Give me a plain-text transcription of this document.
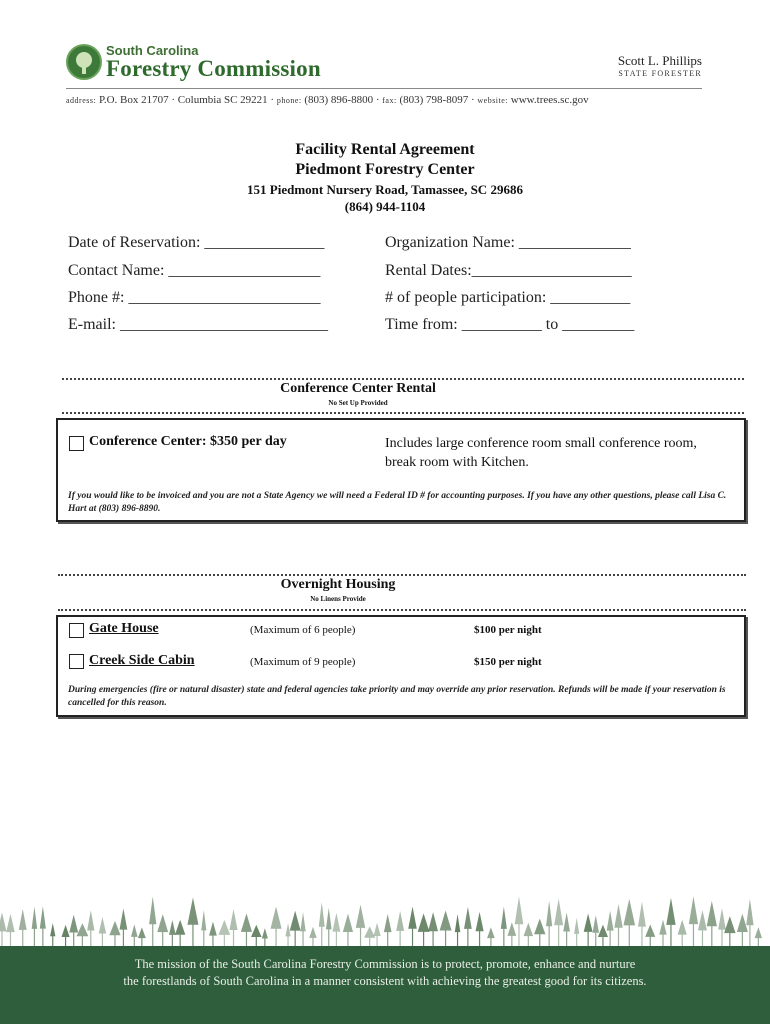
South Carolina
Forestry Commission	Scott L. Phillips
STATE FORESTER
address: P.O. Box 21707 · Columbia SC 29221 · phone: (803) 896-8800 · fax: (803) 798-8097 · website: www.trees.sc.gov
Facility Rental Agreement
Piedmont Forestry Center
151 Piedmont Nursery Road, Tamassee, SC 29686
(864) 944-1104
Date of Reservation: _______________	Organization Name: ______________
Contact Name: ___________________	Rental Dates:____________________
Phone #: ________________________	# of people participation: __________
E-mail: __________________________	Time from: __________ to _________
Conference Center Rental
No Set Up Provided
Conference Center: $350 per day	Includes large conference room small conference room, break room with Kitchen.
If you would like to be invoiced and you are not a State Agency we will need a Federal ID # for accounting purposes. If you have any other questions, please call Lisa C. Hart at (803) 896-8890.
Overnight Housing
No Linens Provide
Gate House	(Maximum of 6 people)	$100 per night
Creek Side Cabin	(Maximum of 9 people)	$150 per night
During emergencies (fire or natural disaster) state and federal agencies take priority and may override any prior reservation. Refunds will be made if your reservation is cancelled for this reason.
The mission of the South Carolina Forestry Commission is to protect, promote, enhance and nurture
the forestlands of South Carolina in a manner consistent with achieving the greatest good for its citizens.
